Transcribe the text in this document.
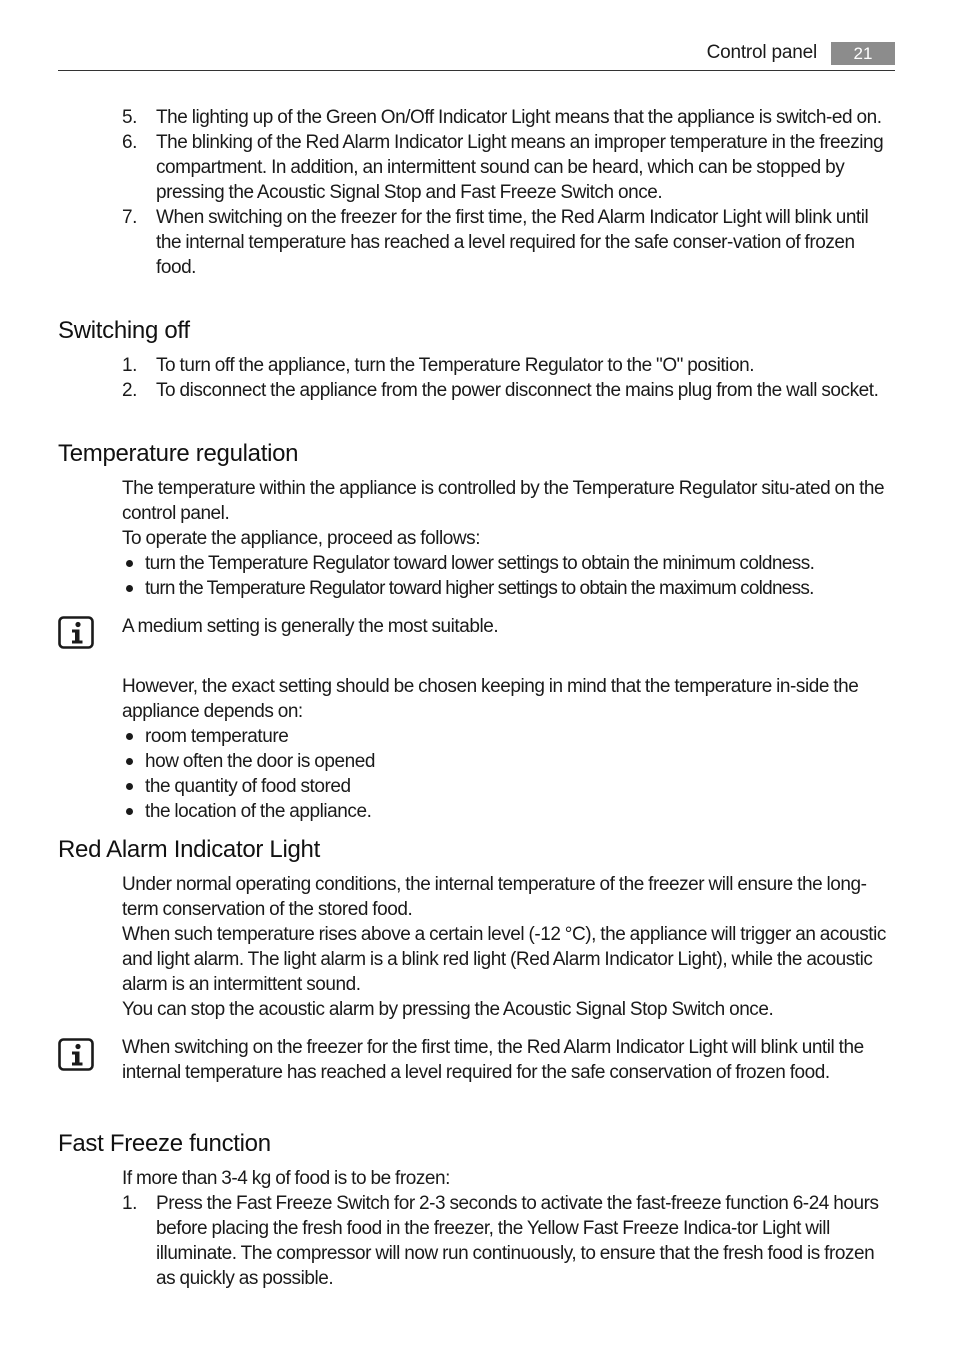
Control panel	21
5. The lighting up of the Green On/Off Indicator Light means that the appliance is switch-ed on.
6. The blinking of the Red Alarm Indicator Light means an improper temperature in the freezing compartment. In addition, an intermittent sound can be heard, which can be stopped by pressing the Acoustic Signal Stop and Fast Freeze Switch once.
7. When switching on the freezer for the first time, the Red Alarm Indicator Light will blink until the internal temperature has reached a level required for the safe conser-vation of frozen food.
Switching off
1. To turn off the appliance, turn the Temperature Regulator to the "O" position.
2. To disconnect the appliance from the power disconnect the mains plug from the wall socket.
Temperature regulation
The temperature within the appliance is controlled by the Temperature Regulator situ-ated on the control panel.
To operate the appliance, proceed as follows:
turn the Temperature Regulator toward lower settings to obtain the minimum coldness.
turn the Temperature Regulator toward higher settings to obtain the maximum coldness.
A medium setting is generally the most suitable.
However, the exact setting should be chosen keeping in mind that the temperature in-side the appliance depends on:
room temperature
how often the door is opened
the quantity of food stored
the location of the appliance.
Red Alarm Indicator Light
Under normal operating conditions, the internal temperature of the freezer will ensure the long-term conservation of the stored food.
When such temperature rises above a certain level (-12 °C), the appliance will trigger an acoustic and light alarm. The light alarm is a blink red light (Red Alarm Indicator Light), while the acoustic alarm is an intermittent sound.
You can stop the acoustic alarm by pressing the Acoustic Signal Stop Switch once.
When switching on the freezer for the first time, the Red Alarm Indicator Light will blink until the internal temperature has reached a level required for the safe conservation of frozen food.
Fast Freeze function
If more than 3-4 kg of food is to be frozen:
1. Press the Fast Freeze Switch for 2-3 seconds to activate the fast-freeze function 6-24 hours before placing the fresh food in the freezer, the Yellow Fast Freeze Indica-tor Light will illuminate. The compressor will now run continuously, to ensure that the fresh food is frozen as quickly as possible.
